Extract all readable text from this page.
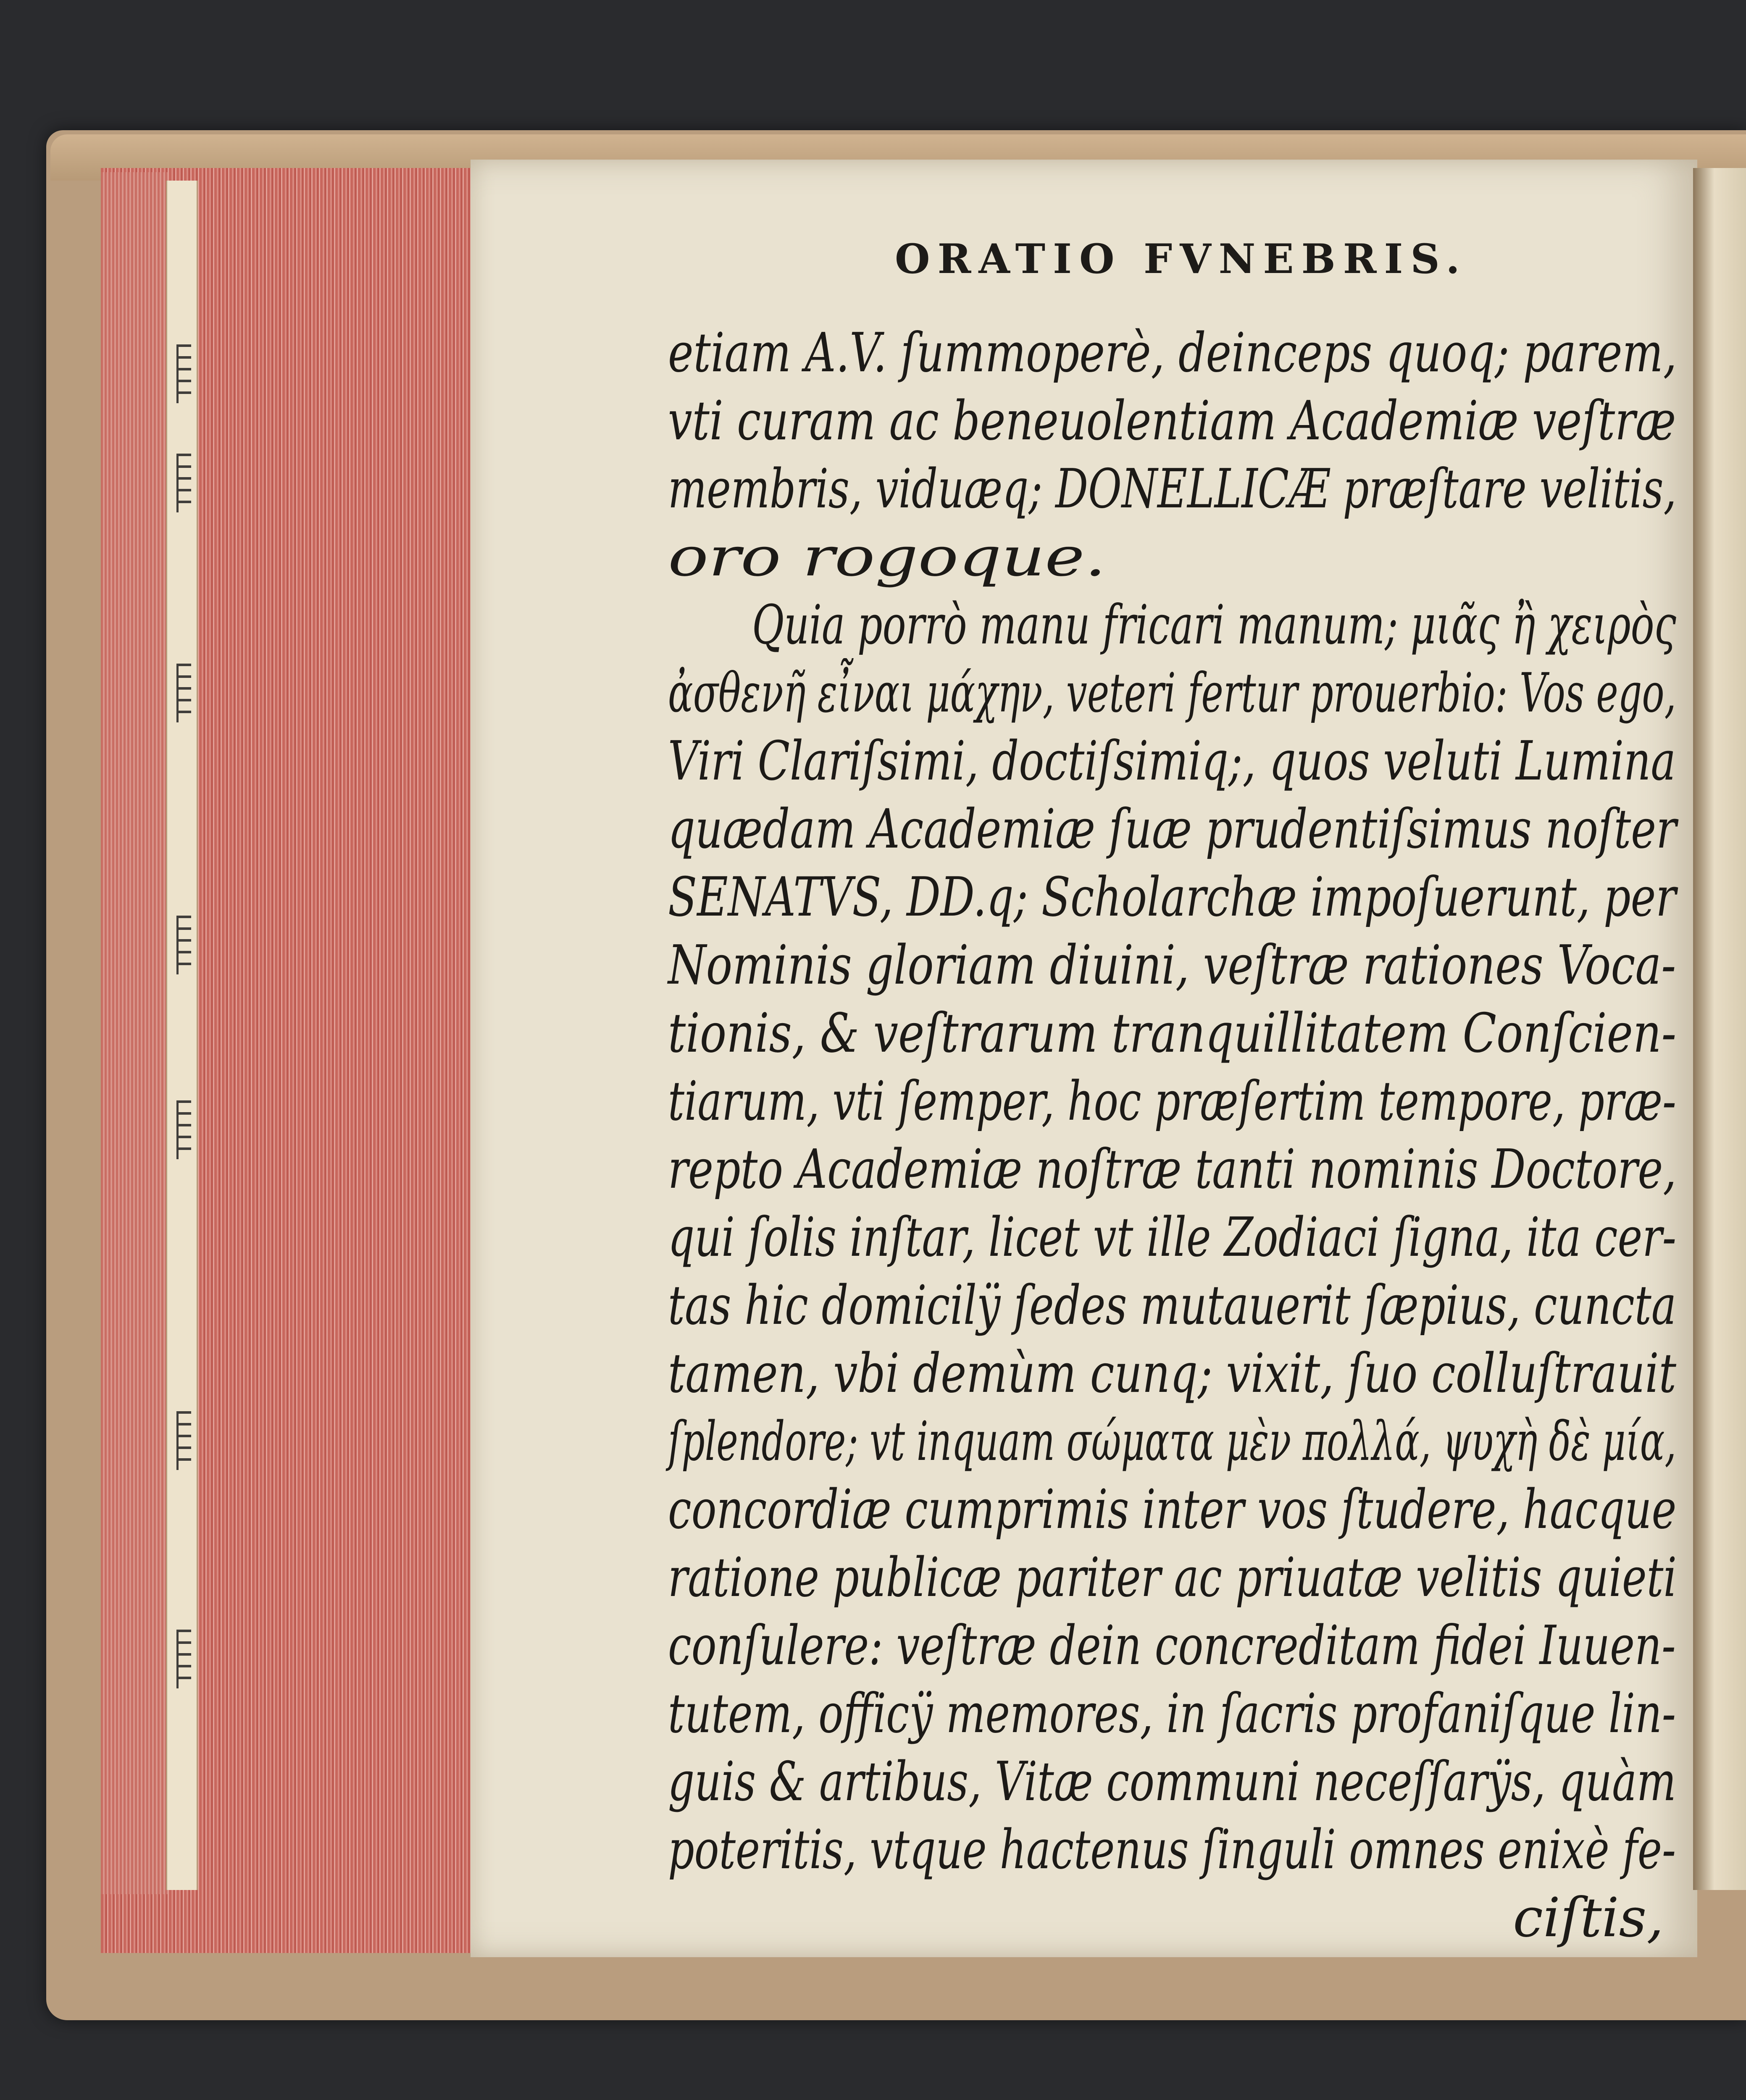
ORATIO FVNEBRIS.
etiam A.V. ſummoperè, deinceps quoq; parem,
vti curam ac beneuolentiam Academiæ veſtræ
membris, viduæq; DONELLICÆ præſtare velitis,
oro rogoque.
Quia porrò manu fricari manum; μιᾶς ἢ χειρὸς
ἀσθενῆ εἶναι μάχην, veteri fertur prouerbio: Vos ego,
Viri Clariſsimi, doctiſsimiq;, quos veluti Lumina
quædam Academiæ ſuæ prudentiſsimus noſter
SENATVS, DD.q; Scholarchæ impoſuerunt, per
Nominis gloriam diuini, veſtræ rationes Voca-
tionis, & veſtrarum tranquillitatem Conſcien-
tiarum, vti ſemper, hoc præſertim tempore, præ-
repto Academiæ noſtræ tanti nominis Doctore,
qui ſolis inſtar, licet vt ille Zodiaci ſigna, ita cer-
tas hic domicilÿ ſedes mutauerit ſæpius, cuncta
tamen, vbi demùm cunq; vixit, ſuo colluſtrauit
ſplendore; vt inquam σώματα μὲν πολλά, ψυχὴ δὲ μία,
concordiæ cumprimis inter vos ſtudere, hacque
ratione publicæ pariter ac priuatæ velitis quieti
conſulere: veſtræ dein concreditam fidei Iuuen-
tutem, officÿ memores, in ſacris profaniſque lin-
guis & artibus, Vitæ communi neceſſarÿs, quàm
poteritis, vtque hactenus ſinguli omnes enixè fe-
ciſtis,
